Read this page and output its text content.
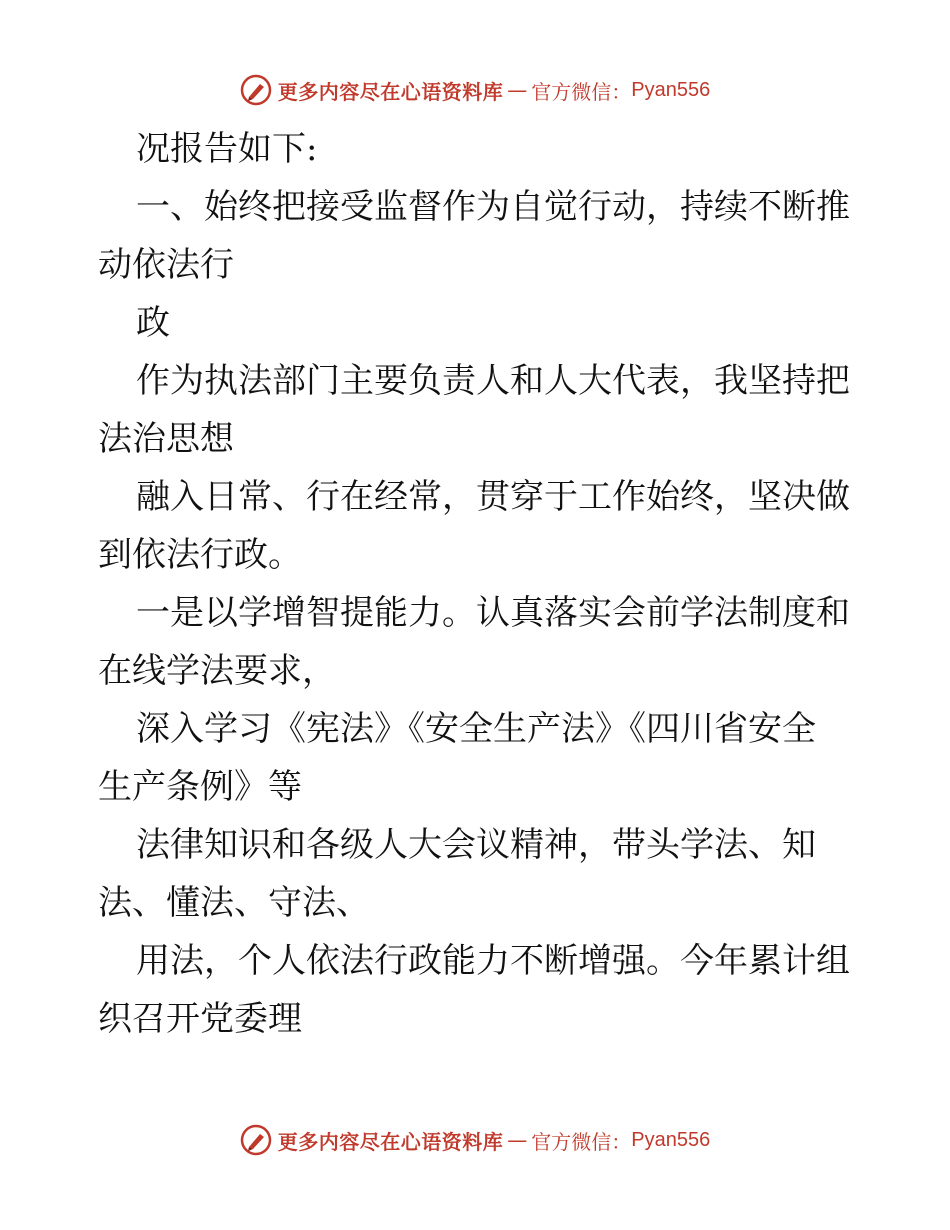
更多内容尽在心语资料库 — 官方微信： Pyan556
况报告如下:
一、始终把接受监督作为自觉行动，持续不断推
动依法行
政
作为执法部门主要负责人和人大代表，我坚持把
法治思想
融入日常、行在经常，贯穿于工作始终，坚决做
到依法行政。
一是以学增智提能力。认真落实会前学法制度和
在线学法要求，
深入学习《宪法》《安全生产法》《四川省安全
生产条例》等
法律知识和各级人大会议精神，带头学法、知
法、懂法、守法、
用法，个人依法行政能力不断增强。今年累计组
织召开党委理
更多内容尽在心语资料库 — 官方微信： Pyan556
